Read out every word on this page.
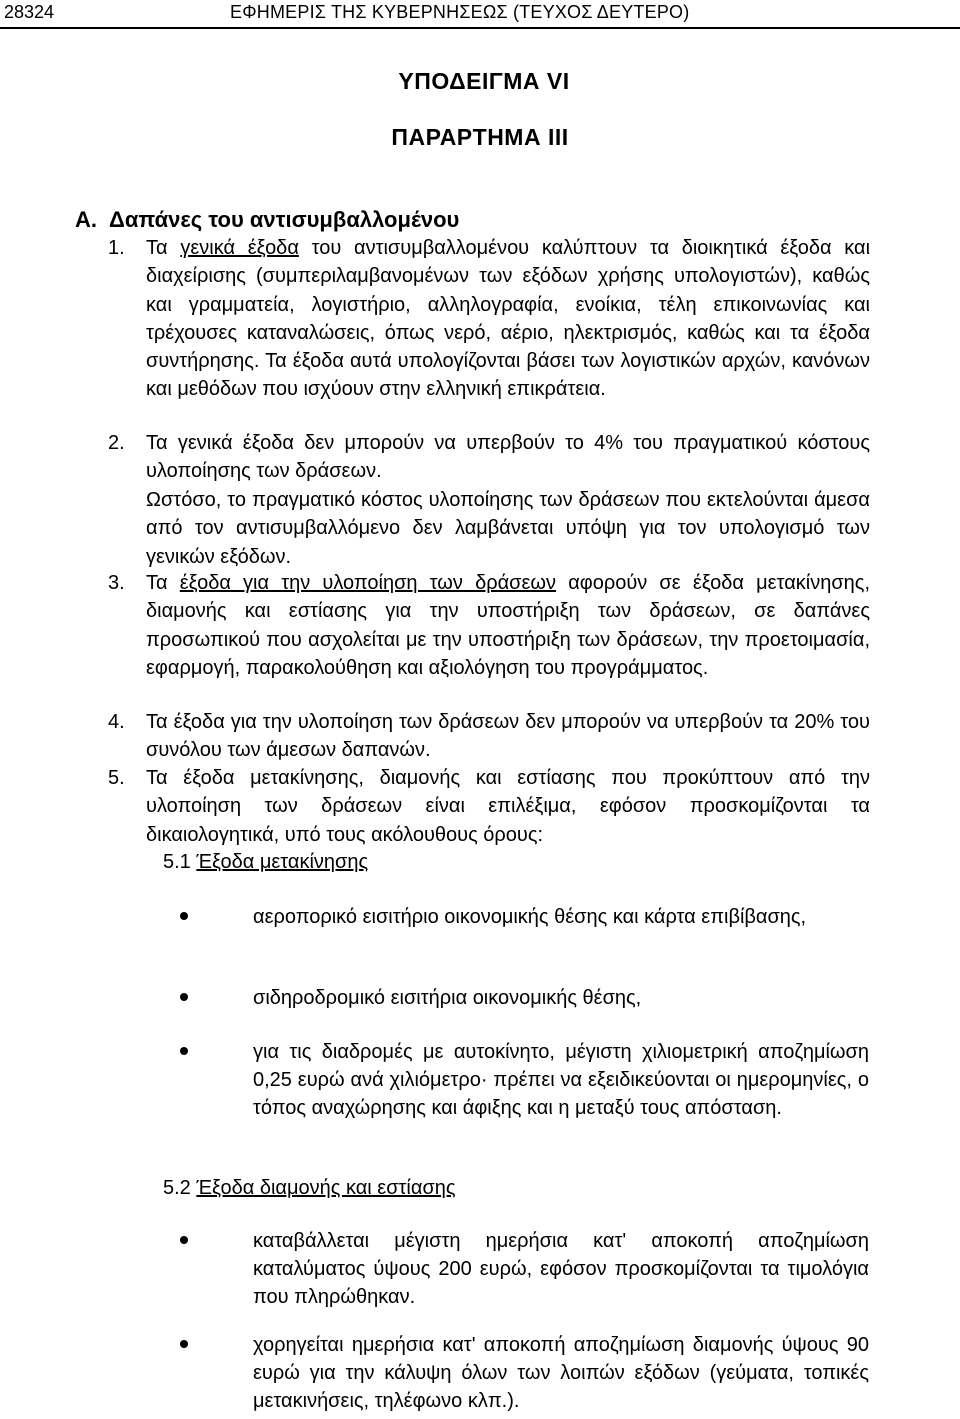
28324	ΕΦΗΜΕΡΙΣ ΤΗΣ ΚΥΒΕΡΝΗΣΕΩΣ (ΤΕΥΧΟΣ ΔΕΥΤΕΡΟ)
ΥΠΟΔΕΙΓΜΑ VI
ΠΑΡΑΡΤΗΜΑ ΙΙΙ
Α. Δαπάνες του αντισυμβαλλομένου
1. Τα γενικά έξοδα του αντισυμβαλλομένου καλύπτουν τα διοικητικά έξοδα και διαχείρισης (συμπεριλαμβανομένων των εξόδων χρήσης υπολογιστών), καθώς και γραμματεία, λογιστήριο, αλληλογραφία, ενοίκια, τέλη επικοινωνίας και τρέχουσες καταναλώσεις, όπως νερό, αέριο, ηλεκτρισμός, καθώς και τα έξοδα συντήρησης. Τα έξοδα αυτά υπολογίζονται βάσει των λογιστικών αρχών, κανόνων και μεθόδων που ισχύουν στην ελληνική επικράτεια.
2. Τα γενικά έξοδα δεν μπορούν να υπερβούν το 4% του πραγματικού κόστους υλοποίησης των δράσεων.
Ωστόσο, το πραγματικό κόστος υλοποίησης των δράσεων που εκτελούνται άμεσα από τον αντισυμβαλλόμενο δεν λαμβάνεται υπόψη για τον υπολογισμό των γενικών εξόδων.
3. Τα έξοδα για την υλοποίηση των δράσεων αφορούν σε έξοδα μετακίνησης, διαμονής και εστίασης για την υποστήριξη των δράσεων, σε δαπάνες προσωπικού που ασχολείται με την υποστήριξη των δράσεων, την προετοιμασία, εφαρμογή, παρακολούθηση και αξιολόγηση του προγράμματος.
4. Τα έξοδα για την υλοποίηση των δράσεων δεν μπορούν να υπερβούν τα 20% του συνόλου των άμεσων δαπανών.
5. Τα έξοδα μετακίνησης, διαμονής και εστίασης που προκύπτουν από την υλοποίηση των δράσεων είναι επιλέξιμα, εφόσον προσκομίζονται τα δικαιολογητικά, υπό τους ακόλουθους όρους:
5.1 Έξοδα μετακίνησης
αεροπορικό εισιτήριο οικονομικής θέσης και κάρτα επιβίβασης,
σιδηροδρομικό εισιτήρια οικονομικής θέσης,
για τις διαδρομές με αυτοκίνητο, μέγιστη χιλιομετρική αποζημίωση 0,25 ευρώ ανά χιλιόμετρο· πρέπει να εξειδικεύονται οι ημερομηνίες, ο τόπος αναχώρησης και άφιξης και η μεταξύ τους απόσταση.
5.2 Έξοδα διαμονής και εστίασης
καταβάλλεται μέγιστη ημερήσια κατ' αποκοπή αποζημίωση καταλύματος ύψους 200 ευρώ, εφόσον προσκομίζονται τα τιμολόγια που πληρώθηκαν.
χορηγείται ημερήσια κατ' αποκοπή αποζημίωση διαμονής ύψους 90 ευρώ για την κάλυψη όλων των λοιπών εξόδων (γεύματα, τοπικές μετακινήσεις, τηλέφωνο κλπ.).
